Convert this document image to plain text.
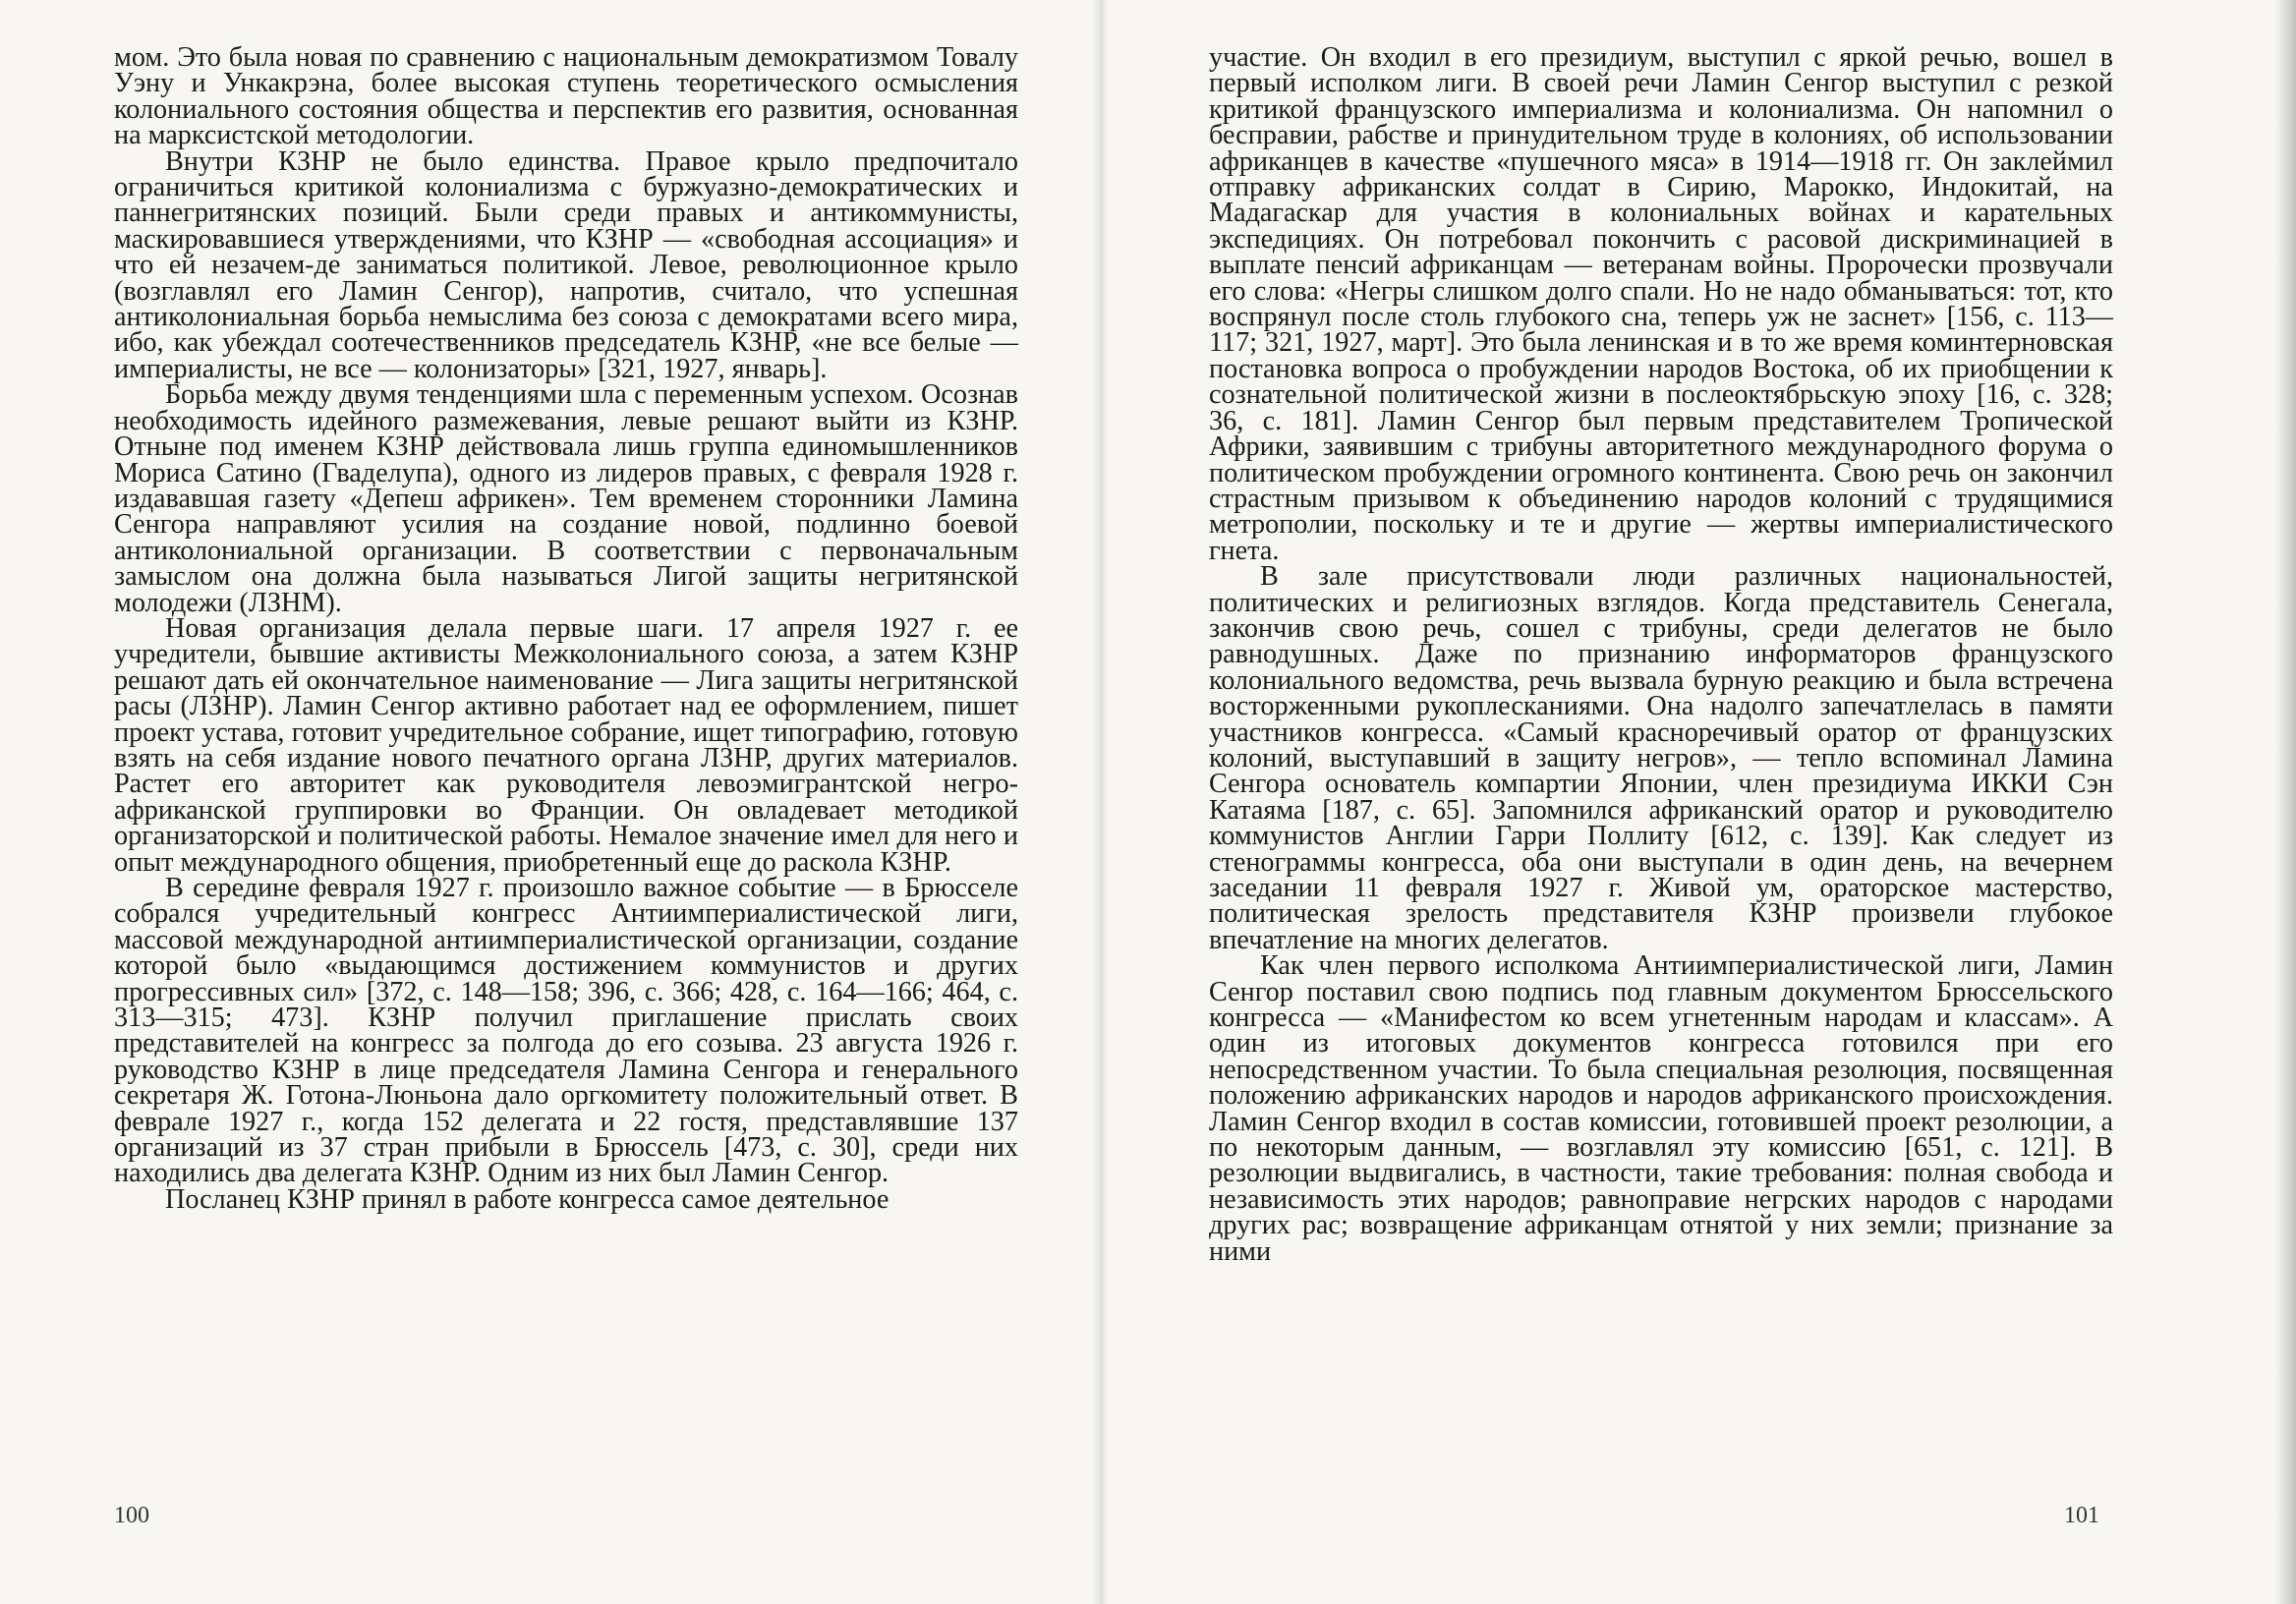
мом. Это была новая по сравнению с национальным демократизмом Товалу Уэну и Ункакрэна, более высокая ступень теоретического осмысления колониального состояния общества и перспектив его развития, основанная на марксистской методологии.

Внутри КЗНР не было единства. Правое крыло предпочитало ограничиться критикой колониализма с буржуазно-демократических и паннегритянских позиций. Были среди правых и антикоммунисты, маскировавшиеся утверждениями, что КЗНР — «свободная ассоциация» и что ей незачем-де заниматься политикой. Левое, революционное крыло (возглавлял его Ламин Сенгор), напротив, считало, что успешная антиколониальная борьба немыслима без союза с демократами всего мира, ибо, как убеждал соотечественников председатель КЗНР, «не все белые — империалисты, не все — колонизаторы» [321, 1927, январь].

Борьба между двумя тенденциями шла с переменным успехом. Осознав необходимость идейного размежевания, левые решают выйти из КЗНР. Отныне под именем КЗНР действовала лишь группа единомышленников Мориса Сатино (Гваделупа), одного из лидеров правых, с февраля 1928 г. издававшая газету «Депеш африкен». Тем временем сторонники Ламина Сенгора направляют усилия на создание новой, подлинно боевой антиколониальной организации. В соответствии с первоначальным замыслом она должна была называться Лигой защиты негритянской молодежи (ЛЗНМ).

Новая организация делала первые шаги. 17 апреля 1927 г. ее учредители, бывшие активисты Межколониального союза, а затем КЗНР решают дать ей окончательное наименование — Лига защиты негритянской расы (ЛЗНР). Ламин Сенгор активно работает над ее оформлением, пишет проект устава, готовит учредительное собрание, ищет типографию, готовую взять на себя издание нового печатного органа ЛЗНР, других материалов. Растет его авторитет как руководителя левоэмигрантской негро-африканской группировки во Франции. Он овладевает методикой организаторской и политической работы. Немалое значение имел для него и опыт международного общения, приобретенный еще до раскола КЗНР.

В середине февраля 1927 г. произошло важное событие — в Брюсселе собрался учредительный конгресс Антиимпериалистической лиги, массовой международной антиимпериалистической организации, создание которой было «выдающимся достижением коммунистов и других прогрессивных сил» [372, с. 148—158; 396, с. 366; 428, с. 164—166; 464, с. 313—315; 473]. КЗНР получил приглашение прислать своих представителей на конгресс за полгода до его созыва. 23 августа 1926 г. руководство КЗНР в лице председателя Ламина Сенгора и генерального секретаря Ж. Готона-Люньона дало оргкомитету положительный ответ. В феврале 1927 г., когда 152 делегата и 22 гостя, представлявшие 137 организаций из 37 стран прибыли в Брюссель [473, с. 30], среди них находились два делегата КЗНР. Одним из них был Ламин Сенгор.

Посланец КЗНР принял в работе конгресса самое деятельное

100

участие. Он входил в его президиум, выступил с яркой речью, вошел в первый исполком лиги. В своей речи Ламин Сенгор выступил с резкой критикой французского империализма и колониализма. Он напомнил о бесправии, рабстве и принудительном труде в колониях, об использовании африканцев в качестве «пушечного мяса» в 1914—1918 гг. Он заклеймил отправку африканских солдат в Сирию, Марокко, Индокитай, на Мадагаскар для участия в колониальных войнах и карательных экспедициях. Он потребовал покончить с расовой дискриминацией в выплате пенсий африканцам — ветеранам войны. Пророчески прозвучали его слова: «Негры слишком долго спали. Но не надо обманываться: тот, кто воспрянул после столь глубокого сна, теперь уж не заснет» [156, с. 113—117; 321, 1927, март]. Это была ленинская и в то же время коминтерновская постановка вопроса о пробуждении народов Востока, об их приобщении к сознательной политической жизни в послеоктябрьскую эпоху [16, с. 328; 36, с. 181]. Ламин Сенгор был первым представителем Тропической Африки, заявившим с трибуны авторитетного международного форума о политическом пробуждении огромного континента. Свою речь он закончил страстным призывом к объединению народов колоний с трудящимися метрополии, поскольку и те и другие — жертвы империалистического гнета.

В зале присутствовали люди различных национальностей, политических и религиозных взглядов. Когда представитель Сенегала, закончив свою речь, сошел с трибуны, среди делегатов не было равнодушных. Даже по признанию информаторов французского колониального ведомства, речь вызвала бурную реакцию и была встречена восторженными рукоплесканиями. Она надолго запечатлелась в памяти участников конгресса. «Самый красноречивый оратор от французских колоний, выступавший в защиту негров», — тепло вспоминал Ламина Сенгора основатель компартии Японии, член президиума ИККИ Сэн Катаяма [187, с. 65]. Запомнился африканский оратор и руководителю коммунистов Англии Гарри Поллиту [612, с. 139]. Как следует из стенограммы конгресса, оба они выступали в один день, на вечернем заседании 11 февраля 1927 г. Живой ум, ораторское мастерство, политическая зрелость представителя КЗНР произвели глубокое впечатление на многих делегатов.

Как член первого исполкома Антиимпериалистической лиги, Ламин Сенгор поставил свою подпись под главным документом Брюссельского конгресса — «Манифестом ко всем угнетенным народам и классам». А один из итоговых документов конгресса готовился при его непосредственном участии. То была специальная резолюция, посвященная положению африканских народов и народов африканского происхождения. Ламин Сенгор входил в состав комиссии, готовившей проект резолюции, а по некоторым данным, — возглавлял эту комиссию [651, с. 121]. В резолюции выдвигались, в частности, такие требования: полная свобода и независимость этих народов; равноправие негрских народов с народами других рас; возвращение африканцам отнятой у них земли; признание за ними

101
